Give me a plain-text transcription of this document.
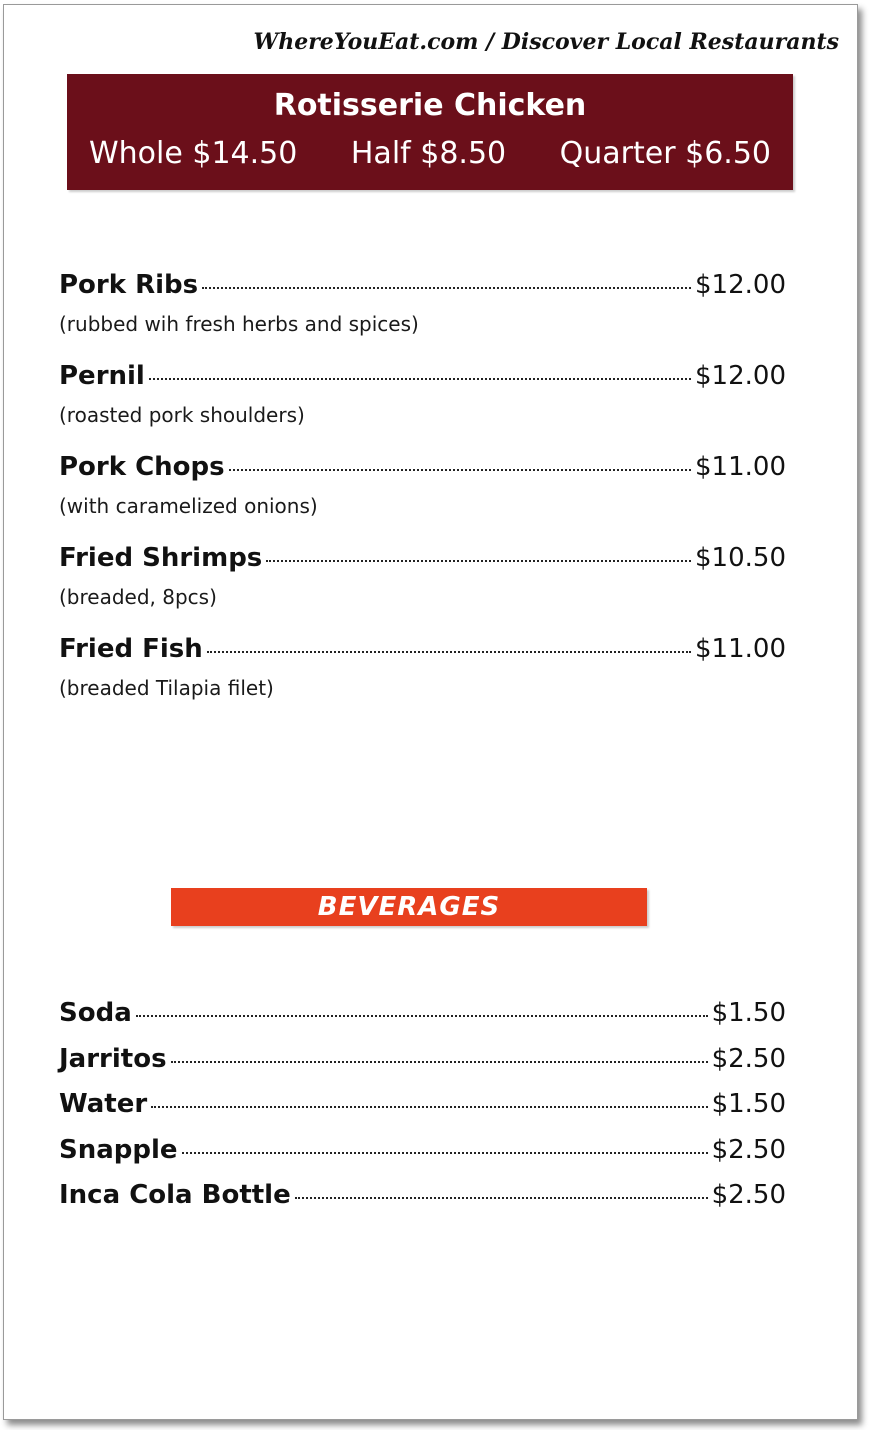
WhereYouEat.com / Discover Local Restaurants
Rotisserie Chicken
Whole $14.50 Half $8.50 Quarter $6.50
Pork Ribs	$12.00
(rubbed wih fresh herbs and spices)
Pernil	$12.00
(roasted pork shoulders)
Pork Chops	$11.00
(with caramelized onions)
Fried Shrimps	$10.50
(breaded, 8pcs)
Fried Fish	$11.00
(breaded Tilapia filet)
BEVERAGES
Soda	$1.50
Jarritos	$2.50
Water	$1.50
Snapple	$2.50
Inca Cola Bottle	$2.50
